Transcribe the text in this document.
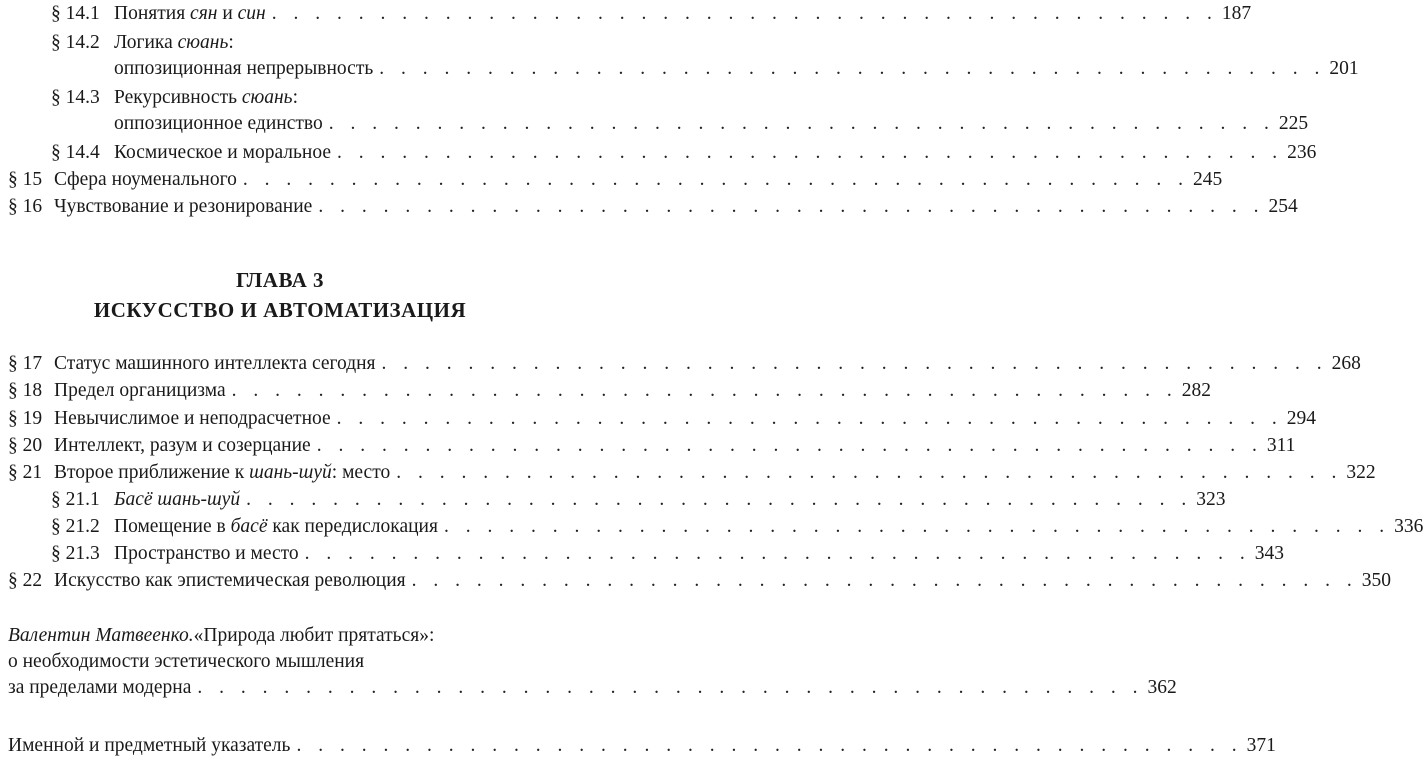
§ 14.1 Понятия сян и син . . . . . . . . . . . . . . . . . . . . . . . . . . . . . . . . . . . . . . . . . . . . 187
§ 14.2 Логика сюань:
оппозиционная непрерывность . . . . . . . . . . . . . . . . . . . . . . . . . . . . . . . . . . . . . . . . . . . . 201
§ 14.3 Рекурсивность сюань:
оппозиционное единство . . . . . . . . . . . . . . . . . . . . . . . . . . . . . . . . . . . . . . . . . . . . 225
§ 14.4 Космическое и моральное . . . . . . . . . . . . . . . . . . . . . . . . . . . . . . . . . . . . . . . . . . . . 236
§ 15 Сфера ноуменального . . . . . . . . . . . . . . . . . . . . . . . . . . . . . . . . . . . . . . . . . . . . 245
§ 16 Чувствование и резонирование . . . . . . . . . . . . . . . . . . . . . . . . . . . . . . . . . . . . . . . . . . . . 254
ГЛАВА 3
ИСКУССТВО И АВТОМАТИЗАЦИЯ
§ 17 Статус машинного интеллекта сегодня . . . . . . . . . . . . . . . . . . . . . . . . . . . . . . . . . . . . . . . . . . . . 268
§ 18 Предел органицизма . . . . . . . . . . . . . . . . . . . . . . . . . . . . . . . . . . . . . . . . . . . . 282
§ 19 Невычислимое и неподрасчетное . . . . . . . . . . . . . . . . . . . . . . . . . . . . . . . . . . . . . . . . . . . . 294
§ 20 Интеллект, разум и созерцание . . . . . . . . . . . . . . . . . . . . . . . . . . . . . . . . . . . . . . . . . . . . 311
§ 21 Второе приближение к шань-шуй: место . . . . . . . . . . . . . . . . . . . . . . . . . . . . . . . . . . . . . . . . . . . . 322
§ 21.1 Басё шань-шуй . . . . . . . . . . . . . . . . . . . . . . . . . . . . . . . . . . . . . . . . . . . . 323
§ 21.2 Помещение в басё как передислокация . . . . . . . . . . . . . . . . . . . . . . . . . . . . . . . . . . . . . . . . . . . . 336
§ 21.3 Пространство и место . . . . . . . . . . . . . . . . . . . . . . . . . . . . . . . . . . . . . . . . . . . . 343
§ 22 Искусство как эпистемическая революция . . . . . . . . . . . . . . . . . . . . . . . . . . . . . . . . . . . . . . . . . . . . 350
Валентин Матвеенко. «Природа любит прятаться»:
о необходимости эстетического мышления
за пределами модерна . . . . . . . . . . . . . . . . . . . . . . . . . . . . . . . . . . . . . . . . . . . . 362
Именной и предметный указатель . . . . . . . . . . . . . . . . . . . . . . . . . . . . . . . . . . . . . . . . . . . . 371
